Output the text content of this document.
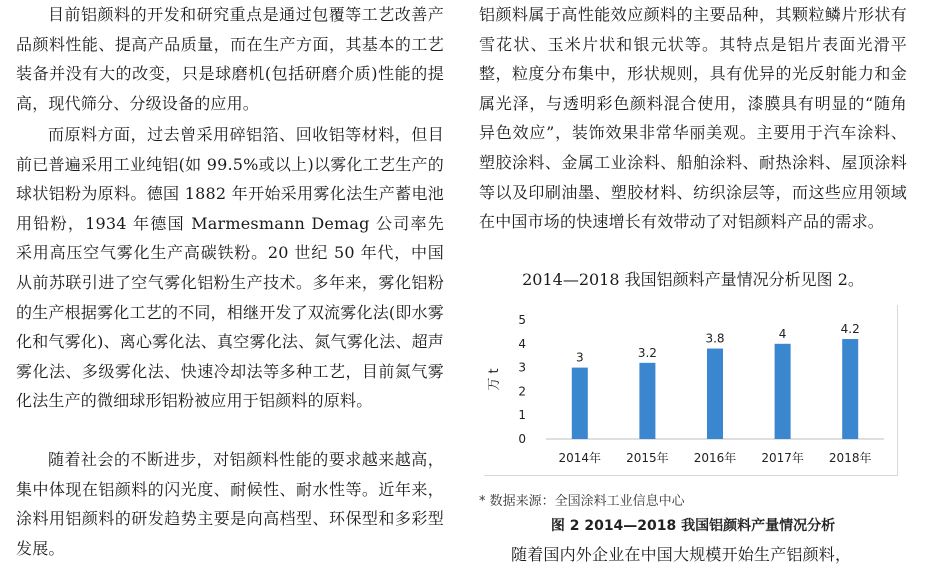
目前铝颜料的开发和研究重点是通过包覆等工艺改善产品颜料性能、提高产品质量，而在生产方面，其基本的工艺装备并没有大的改变，只是球磨机(包括研磨介质)性能的提高，现代筛分、分级设备的应用。

而原料方面，过去曾采用碎铝箔、回收铝等材料，但目前已普遍采用工业纯铝(如 99.5%或以上)以雾化工艺生产的球状铝粉为原料。德国 1882 年开始采用雾化法生产蓄电池用铅粉，1934 年德国 Marmesmann Demag 公司率先采用高压空气雾化生产高碳铁粉。20 世纪 50 年代，中国从前苏联引进了空气雾化铝粉生产技术。多年来，雾化铝粉的生产根据雾化工艺的不同，相继开发了双流雾化法(即水雾化和气雾化)、离心雾化法、真空雾化法、氮气雾化法、超声雾化法、多级雾化法、快速冷却法等多种工艺，目前氮气雾化法生产的微细球形铝粉被应用于铝颜料的原料。

随着社会的不断进步，对铝颜料性能的要求越来越高，集中体现在铝颜料的闪光度、耐候性、耐水性等。近年来，涂料用铝颜料的研发趋势主要是向高档型、环保型和多彩型发展。

铝颜料属于高性能效应颜料的主要品种，其颗粒鳞片形状有雪花状、玉米片状和银元状等。其特点是铝片表面光滑平整，粒度分布集中，形状规则，具有优异的光反射能力和金属光泽，与透明彩色颜料混合使用，漆膜具有明显的“随角异色效应”，装饰效果非常华丽美观。主要用于汽车涂料、塑胶涂料、金属工业涂料、船舶涂料、耐热涂料、屋顶涂料等以及印刷油墨、塑胶材料、纺织涂层等，而这些应用领域在中国市场的快速增长有效带动了对铝颜料产品的需求。

2014—2018 我国铝颜料产量情况分析见图 2。

随着国内外企业在中国大规模开始生产铝颜料，

0
1
2
3
4
5
万 t
3
2014年
3.2
2015年
3.8
2016年
4
2017年
4.2
2018年
* 数据来源：全国涂料工业信息中心
图 2 2014—2018 我国铝颜料产量情况分析
